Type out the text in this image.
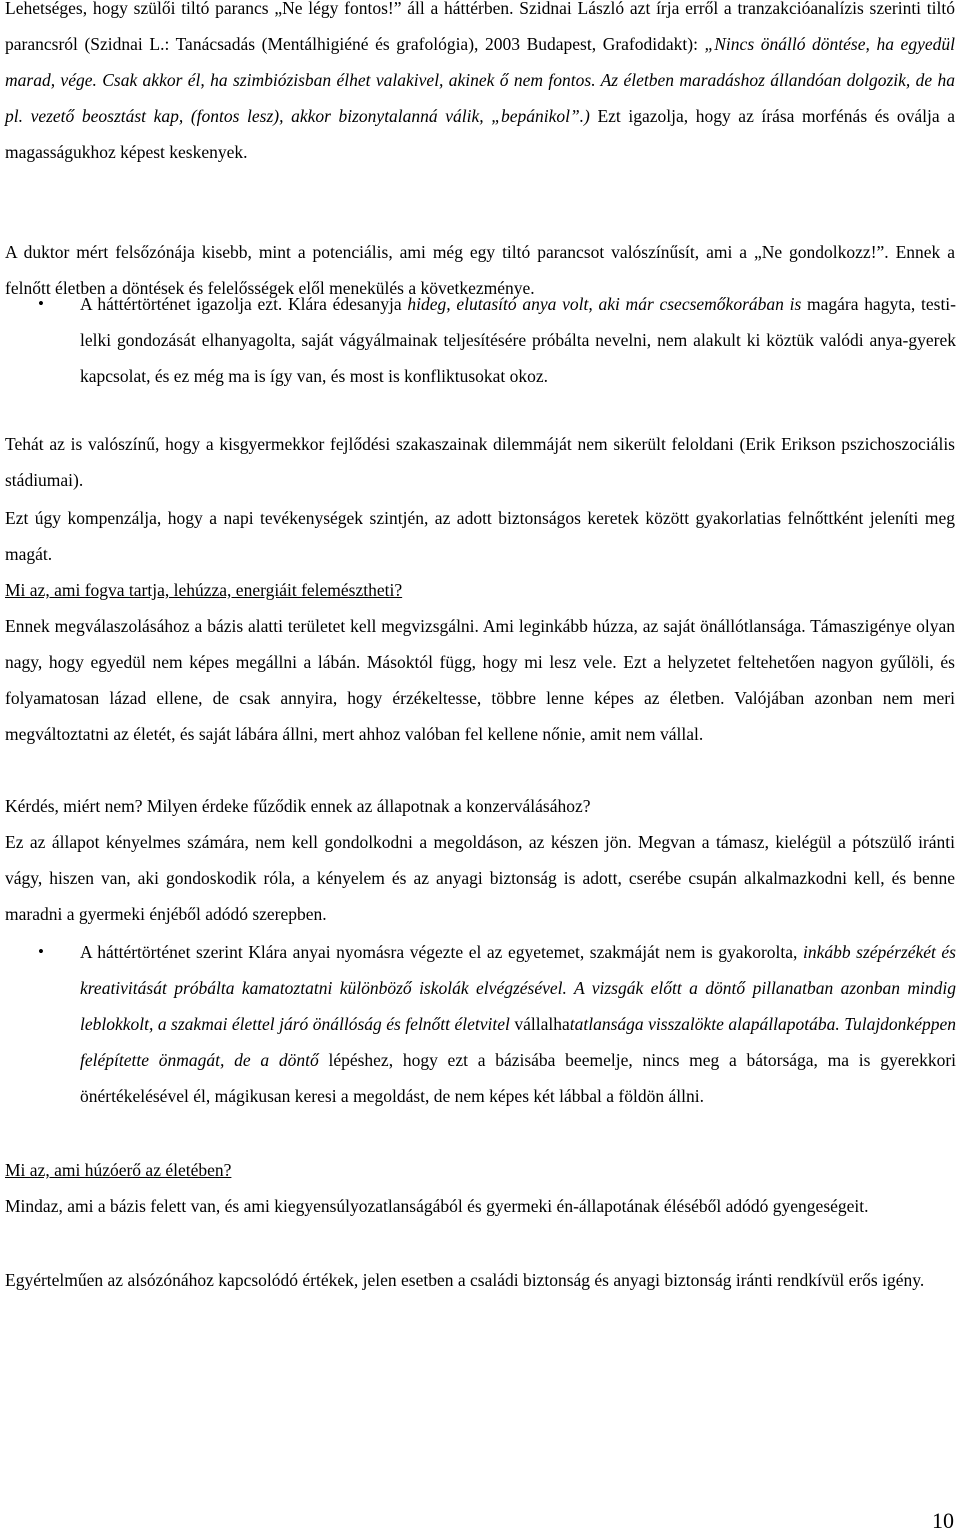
Lehetséges, hogy szülői tiltó parancs „Ne légy fontos!” áll a háttérben. Szidnai László azt írja erről a tranzakcióanalízis szerinti tiltó parancsról (Szidnai L.: Tanácsadás (Mentálhigiéné és grafológia), 2003 Budapest, Grafodidakt): „Nincs önálló döntése, ha egyedül marad, vége. Csak akkor él, ha szimbiózisban élhet valakivel, akinek ő nem fontos. Az életben maradáshoz állandóan dolgozik, de ha pl. vezető beosztást kap, (fontos lesz), akkor bizonytalanná válik, „bepánikol”.) Ezt igazolja, hogy az írása morfénás és oválja a magasságukhoz képest keskenyek.

A duktor mért felsőzónája kisebb, mint a potenciális, ami még egy tiltó parancsot valószínűsít, ami a „Ne gondolkozz!”. Ennek a felnőtt életben a döntések és felelősségek elől menekülés a következménye.

• A háttértörténet igazolja ezt. Klára édesanyja hideg, elutasító anya volt, aki már csecsemőkorában is magára hagyta, testi-lelki gondozását elhanyagolta, saját vágyálmainak teljesítésére próbálta nevelni, nem alakult ki köztük valódi anya-gyerek kapcsolat, és ez még ma is így van, és most is konfliktusokat okoz.

Tehát az is valószínű, hogy a kisgyermekkor fejlődési szakaszainak dilemmáját nem sikerült feloldani (Erik Erikson pszichoszociális stádiumai).

Ezt úgy kompenzálja, hogy a napi tevékenységek szintjén, az adott biztonságos keretek között gyakorlatias felnőttként jeleníti meg magát.

Mi az, ami fogva tartja, lehúzza, energiáit felemésztheti?

Ennek megválaszolásához a bázis alatti területet kell megvizsgálni. Ami leginkább húzza, az saját önállótlansága. Támaszigénye olyan nagy, hogy egyedül nem képes megállni a lábán. Másoktól függ, hogy mi lesz vele. Ezt a helyzetet feltehetően nagyon gyűlöli, és folyamatosan lázad ellene, de csak annyira, hogy érzékeltesse, többre lenne képes az életben. Valójában azonban nem meri megváltoztatni az életét, és saját lábára állni, mert ahhoz valóban fel kellene nőnie, amit nem vállal.

Kérdés, miért nem? Milyen érdeke fűződik ennek az állapotnak a konzerválásához?

Ez az állapot kényelmes számára, nem kell gondolkodni a megoldáson, az készen jön. Megvan a támasz, kielégül a pótszülő iránti vágy, hiszen van, aki gondoskodik róla, a kényelem és az anyagi biztonság is adott, cserébe csupán alkalmazkodni kell, és benne maradni a gyermeki énjéből adódó szerepben.

• A háttértörténet szerint Klára anyai nyomásra végezte el az egyetemet, szakmáját nem is gyakorolta, inkább szépérzékét és kreativitását próbálta kamatoztatni különböző iskolák elvégzésével. A vizsgák előtt a döntő pillanatban azonban mindig leblokkolt, a szakmai élettel járó önállóság és felnőtt életvitel vállalhatatlansága visszalökte alapállapotába. Tulajdonképpen felépítette önmagát, de a döntő lépéshez, hogy ezt a bázisába beemelje, nincs meg a bátorsága, ma is gyerekkori önértékelésével él, mágikusan keresi a megoldást, de nem képes két lábbal a földön állni.

Mi az, ami húzóerő az életében?

Mindaz, ami a bázis felett van, és ami kiegyensúlyozatlanságából és gyermeki én-állapotának éléséből adódó gyengeségeit.

Egyértelműen az alsózónához kapcsolódó értékek, jelen esetben a családi biztonság és anyagi biztonság iránti rendkívül erős igény.

10
